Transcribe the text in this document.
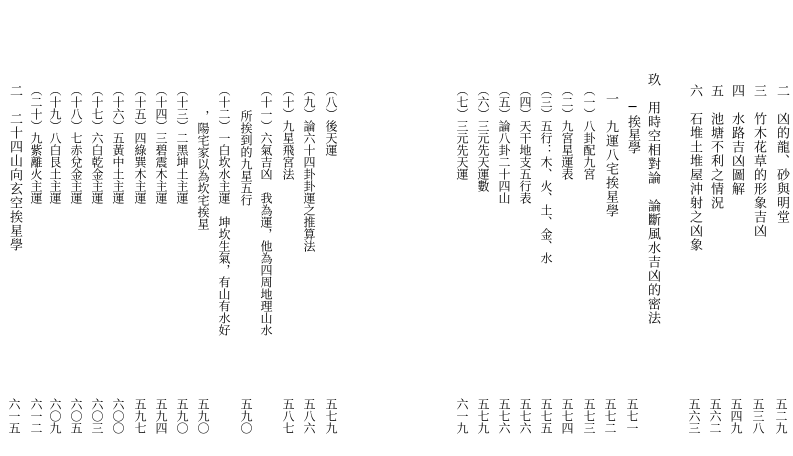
二　凶的龍、砂與明堂
五二九
三　竹木花草的形象吉凶
五三八
四　水路吉凶圖解
五四九
五　池塘不利之情況
五六二
六　石堆土堆屋沖射之凶象
五六三
玖　用時空相對論　論斷風水吉凶的密法
─挨星學
一　九運八宅挨星學
五七一
（一）八卦配九宮
五七二
（二）九宮星運表
五七三
（三）五行：木、火、土、金、水
五七四
（四）天干地支五行表
五七五
（五）論八卦二十四山
五七六
（六）三元先天運數
五七六
（七）三元先天運
五七九
六一九
（八）後天運
五七九
（九）論六十四卦卦運之推算法
五八六
（十）九星飛宮法
五八七
（十一）六氣吉凶　我為運，他為四周地理山水
所挨到的九星五行
五九〇
（十二）一白坎水主運　坤坎生氣，有山有水好
，陽宅家以為坎宅挨星
五九〇
（十三）二黑坤土主運
五九〇
（十四）三碧震木主運
五九四
（十五）四綠巽木主運
五九七
（十六）五黃中土主運
六〇〇
（十七）六白乾金主運
六〇三
（十八）七赤兌金主運
六〇五
（十九）八白艮土主運
六〇九
（二十）九紫離火主運
六一二
二　二十四山向玄空挨星學
六一五
